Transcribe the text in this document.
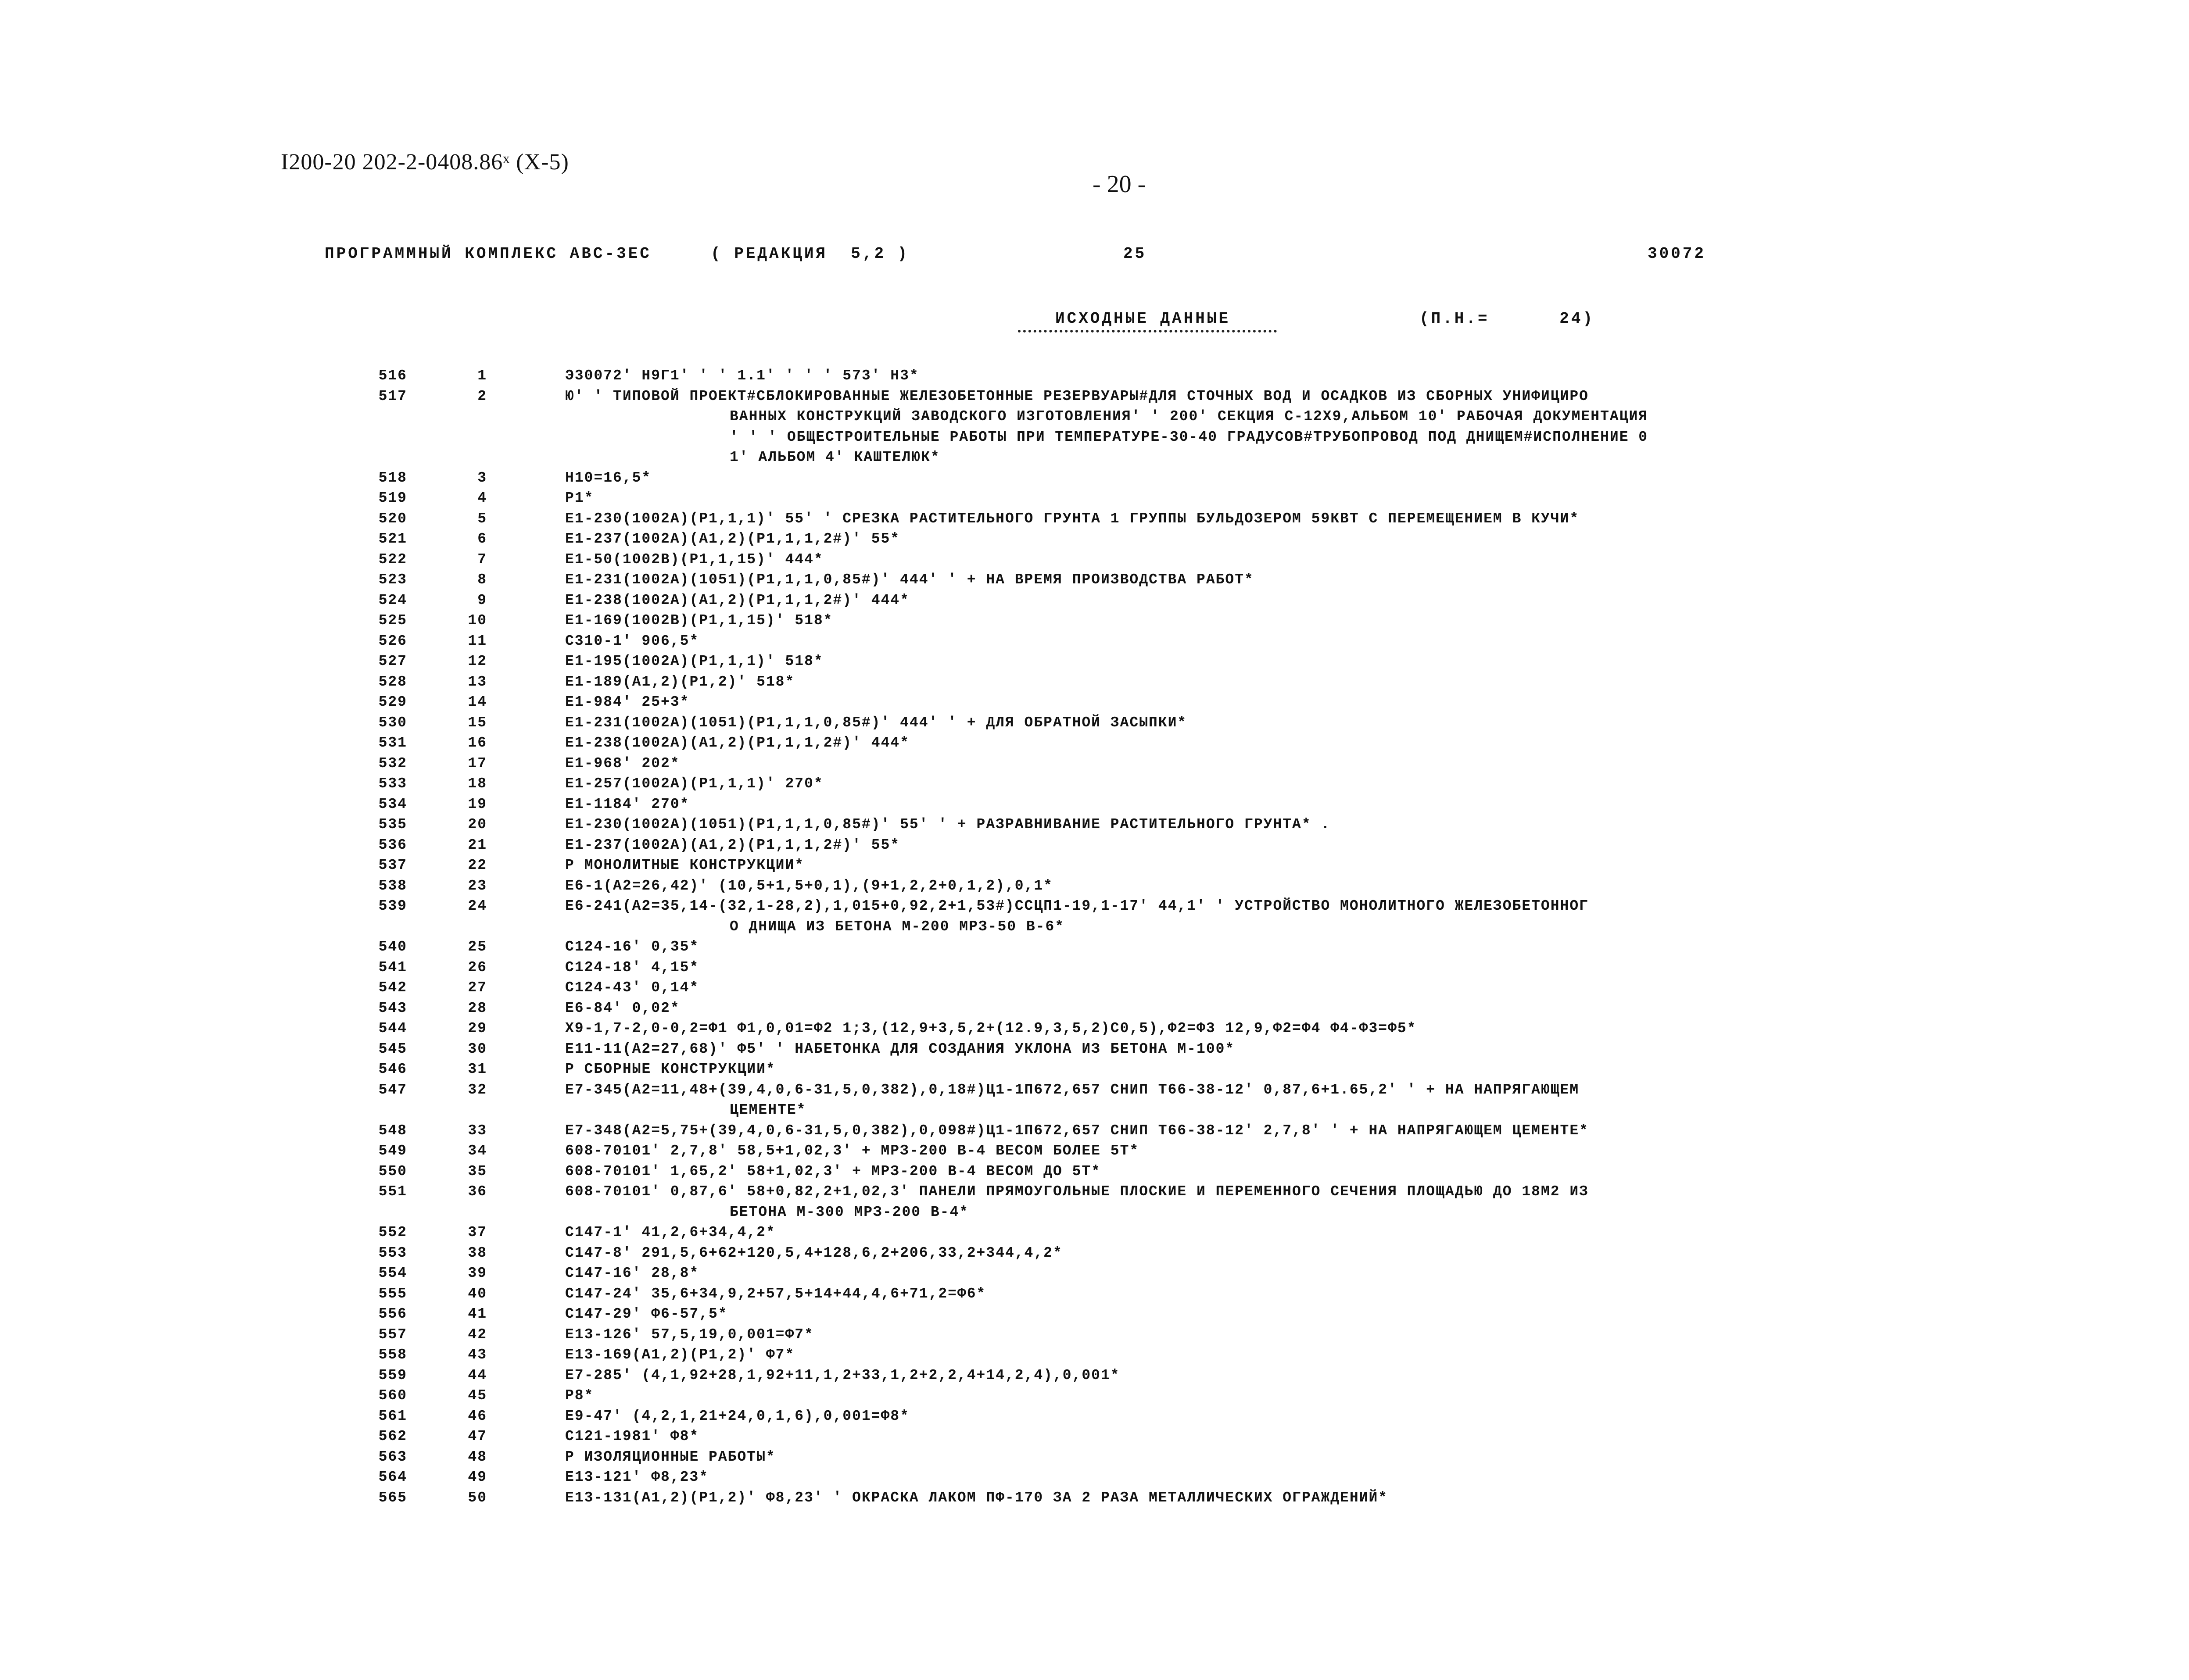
I200-20 202-2-0408.86ˣ (Х-5)
- 20 -
ПРОГРАММНЫЙ КОМПЛЕКС АВС-3ЕС	( РЕДАКЦИЯ  5,2 )	25	30072
ИСХОДНЫЕ ДАННЫЕ	(П.Н.=      24)
516	1	Э30072' Н9Г1' ' ' 1.1' ' ' ' 573' Н3*
517	2	Ю' ' ТИПОВОЙ ПРОЕКТ#СБЛОКИРОВАННЫЕ ЖЕЛЕЗОБЕТОННЫЕ РЕЗЕРВУАРЫ#ДЛЯ СТОЧНЫХ ВОД И ОСАДКОВ ИЗ СБОРНЫХ УНИФИЦИРО
ВАННЫХ КОНСТРУКЦИЙ ЗАВОДСКОГО ИЗГОТОВЛЕНИЯ' ' 200' СЕКЦИЯ С-12Х9,АЛЬБОМ 10' РАБОЧАЯ ДОКУМЕНТАЦИЯ
' ' ' ОБЩЕСТРОИТЕЛЬНЫЕ РАБОТЫ ПРИ ТЕМПЕРАТУРЕ-30-40 ГРАДУСОВ#ТРУБОПРОВОД ПОД ДНИЩЕМ#ИСПОЛНЕНИЕ 0
1' АЛЬБОМ 4' КАШТЕЛЮК*
518	3	Н10=16,5*
519	4	Р1*
520	5	Е1-230(1002А)(Р1,1,1)' 55' ' СРЕЗКА РАСТИТЕЛЬНОГО ГРУНТА 1 ГРУППЫ БУЛЬДОЗЕРОМ 59КВТ С ПЕРЕМЕЩЕНИЕМ В КУЧИ*
521	6	Е1-237(1002А)(А1,2)(Р1,1,1,2#)' 55*
522	7	Е1-50(1002В)(Р1,1,15)' 444*
523	8	Е1-231(1002А)(1051)(Р1,1,1,0,85#)' 444' ' + НА ВРЕМЯ ПРОИЗВОДСТВА РАБОТ*
524	9	Е1-238(1002А)(А1,2)(Р1,1,1,2#)' 444*
525	10	Е1-169(1002В)(Р1,1,15)' 518*
526	11	С310-1' 906,5*
527	12	Е1-195(1002А)(Р1,1,1)' 518*
528	13	Е1-189(А1,2)(Р1,2)' 518*
529	14	Е1-984' 25+3*
530	15	Е1-231(1002А)(1051)(Р1,1,1,0,85#)' 444' ' + ДЛЯ ОБРАТНОЙ ЗАСЫПКИ*
531	16	Е1-238(1002А)(А1,2)(Р1,1,1,2#)' 444*
532	17	Е1-968' 202*
533	18	Е1-257(1002А)(Р1,1,1)' 270*
534	19	Е1-1184' 270*
535	20	Е1-230(1002А)(1051)(Р1,1,1,0,85#)' 55' ' + РАЗРАВНИВАНИЕ РАСТИТЕЛЬНОГО ГРУНТА* .
536	21	Е1-237(1002А)(А1,2)(Р1,1,1,2#)' 55*
537	22	Р МОНОЛИТНЫЕ КОНСТРУКЦИИ*
538	23	Е6-1(А2=26,42)' (10,5+1,5+0,1),(9+1,2,2+0,1,2),0,1*
539	24	Е6-241(А2=35,14-(32,1-28,2),1,015+0,92,2+1,53#)ССЦП1-19,1-17' 44,1' ' УСТРОЙСТВО МОНОЛИТНОГО ЖЕЛЕЗОБЕТОННОГ
О ДНИЩА ИЗ БЕТОНА М-200 МРЗ-50 В-6*
540	25	С124-16' 0,35*
541	26	С124-18' 4,15*
542	27	С124-43' 0,14*
543	28	Е6-84' 0,02*
544	29	Х9-1,7-2,0-0,2=Ф1 Ф1,0,01=Ф2 1;3,(12,9+3,5,2+(12.9,3,5,2)С0,5),Ф2=Ф3 12,9,Ф2=Ф4 Ф4-Ф3=Ф5*
545	30	Е11-11(А2=27,68)' Ф5' ' НАБЕТОНКА ДЛЯ СОЗДАНИЯ УКЛОНА ИЗ БЕТОНА М-100*
546	31	Р СБОРНЫЕ КОНСТРУКЦИИ*
547	32	Е7-345(А2=11,48+(39,4,0,6-31,5,0,382),0,18#)Ц1-1П672,657 СНИП Т66-38-12' 0,87,6+1.65,2' ' + НА НАПРЯГАЮЩЕМ
ЦЕМЕНТЕ*
548	33	Е7-348(А2=5,75+(39,4,0,6-31,5,0,382),0,098#)Ц1-1П672,657 СНИП Т66-38-12' 2,7,8' ' + НА НАПРЯГАЮЩЕМ ЦЕМЕНТЕ*
549	34	608-70101' 2,7,8' 58,5+1,02,3' + МРЗ-200 В-4 ВЕСОМ БОЛЕЕ 5Т*
550	35	608-70101' 1,65,2' 58+1,02,3' + МРЗ-200 В-4 ВЕСОМ ДО 5Т*
551	36	608-70101' 0,87,6' 58+0,82,2+1,02,3' ПАНЕЛИ ПРЯМОУГОЛЬНЫЕ ПЛОСКИЕ И ПЕРЕМЕННОГО СЕЧЕНИЯ ПЛОЩАДЬЮ ДО 18М2 ИЗ
БЕТОНА М-300 МРЗ-200 В-4*
552	37	С147-1' 41,2,6+34,4,2*
553	38	С147-8' 291,5,6+62+120,5,4+128,6,2+206,33,2+344,4,2*
554	39	С147-16' 28,8*
555	40	С147-24' 35,6+34,9,2+57,5+14+44,4,6+71,2=Ф6*
556	41	С147-29' Ф6-57,5*
557	42	Е13-126' 57,5,19,0,001=Ф7*
558	43	Е13-169(А1,2)(Р1,2)' Ф7*
559	44	Е7-285' (4,1,92+28,1,92+11,1,2+33,1,2+2,2,4+14,2,4),0,001*
560	45	Р8*
561	46	Е9-47' (4,2,1,21+24,0,1,6),0,001=Ф8*
562	47	С121-1981' Ф8*
563	48	Р ИЗОЛЯЦИОННЫЕ РАБОТЫ*
564	49	Е13-121' Ф8,23*
565	50	Е13-131(А1,2)(Р1,2)' Ф8,23' ' ОКРАСКА ЛАКОМ ПФ-170 ЗА 2 РАЗА МЕТАЛЛИЧЕСКИХ ОГРАЖДЕНИЙ*
